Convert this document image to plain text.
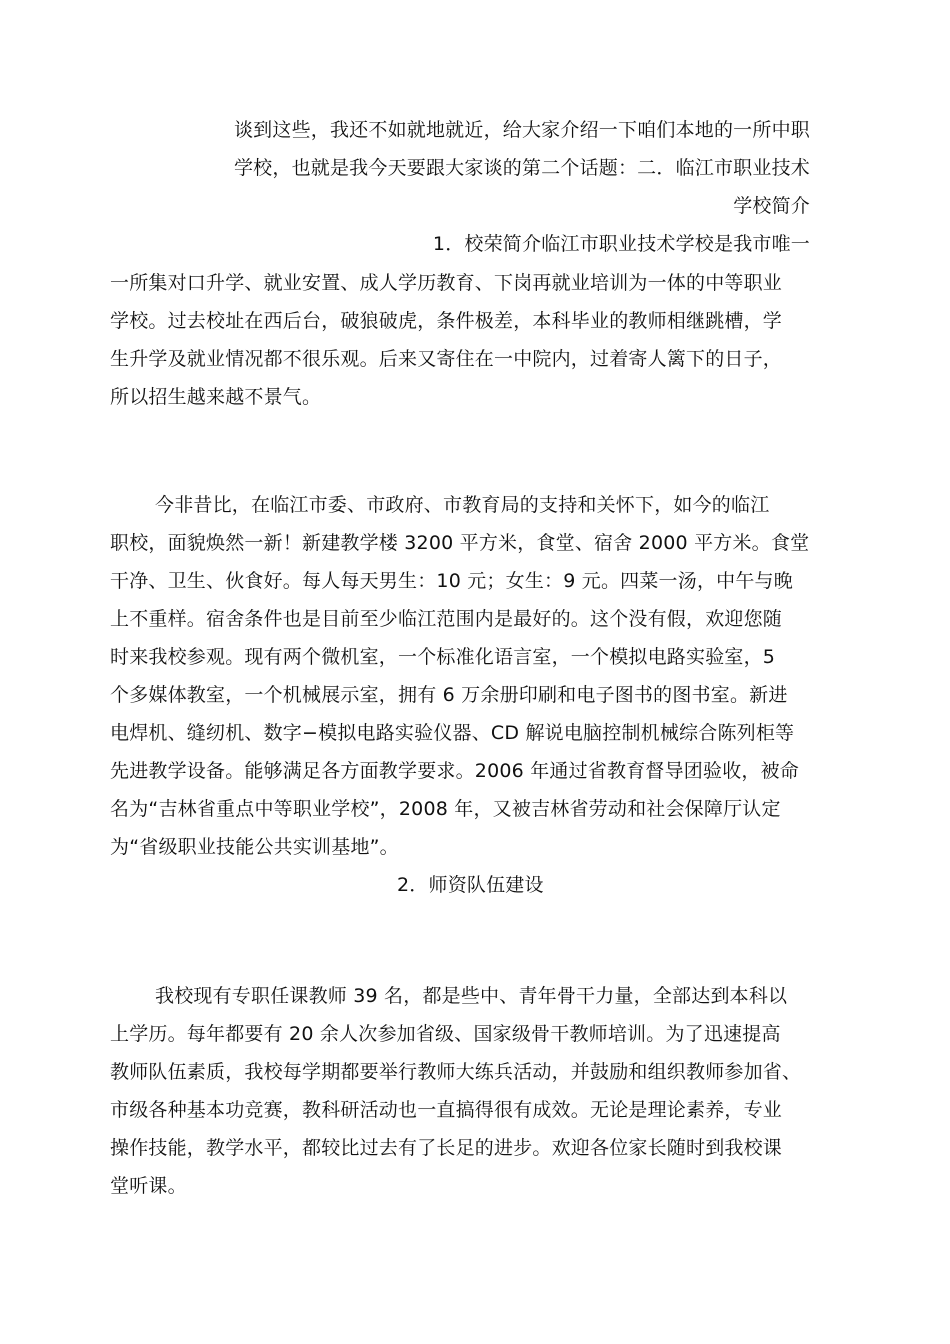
谈到这些，我还不如就地就近，给大家介绍一下咱们本地的一所中职
学校，也就是我今天要跟大家谈的第二个话题：二．临江市职业技术
学校简介
1．校荣简介临江市职业技术学校是我市唯一
一所集对口升学、就业安置、成人学历教育、下岗再就业培训为一体的中等职业
学校。过去校址在西后台，破狼破虎，条件极差，本科毕业的教师相继跳槽，学
生升学及就业情况都不很乐观。后来又寄住在一中院内，过着寄人篱下的日子，
所以招生越来越不景气。
今非昔比，在临江市委、市政府、市教育局的支持和关怀下，如今的临江
职校，面貌焕然一新！新建教学楼 3200 平方米，食堂、宿舍 2000 平方米。食堂
干净、卫生、伙食好。每人每天男生：10 元；女生：9 元。四菜一汤，中午与晚
上不重样。宿舍条件也是目前至少临江范围内是最好的。这个没有假，欢迎您随
时来我校参观。现有两个微机室，一个标准化语言室，一个模拟电路实验室，5
个多媒体教室，一个机械展示室，拥有 6 万余册印刷和电子图书的图书室。新进
电焊机、缝纫机、数字−模拟电路实验仪器、CD 解说电脑控制机械综合陈列柜等
先进教学设备。能够满足各方面教学要求。2006 年通过省教育督导团验收，被命
名为“吉林省重点中等职业学校”，2008 年，又被吉林省劳动和社会保障厅认定
为“省级职业技能公共实训基地”。
2．师资队伍建设
我校现有专职任课教师 39 名，都是些中、青年骨干力量，全部达到本科以
上学历。每年都要有 20 余人次参加省级、国家级骨干教师培训。为了迅速提高
教师队伍素质，我校每学期都要举行教师大练兵活动，并鼓励和组织教师参加省、
市级各种基本功竞赛，教科研活动也一直搞得很有成效。无论是理论素养，专业
操作技能，教学水平，都较比过去有了长足的进步。欢迎各位家长随时到我校课
堂听课。
